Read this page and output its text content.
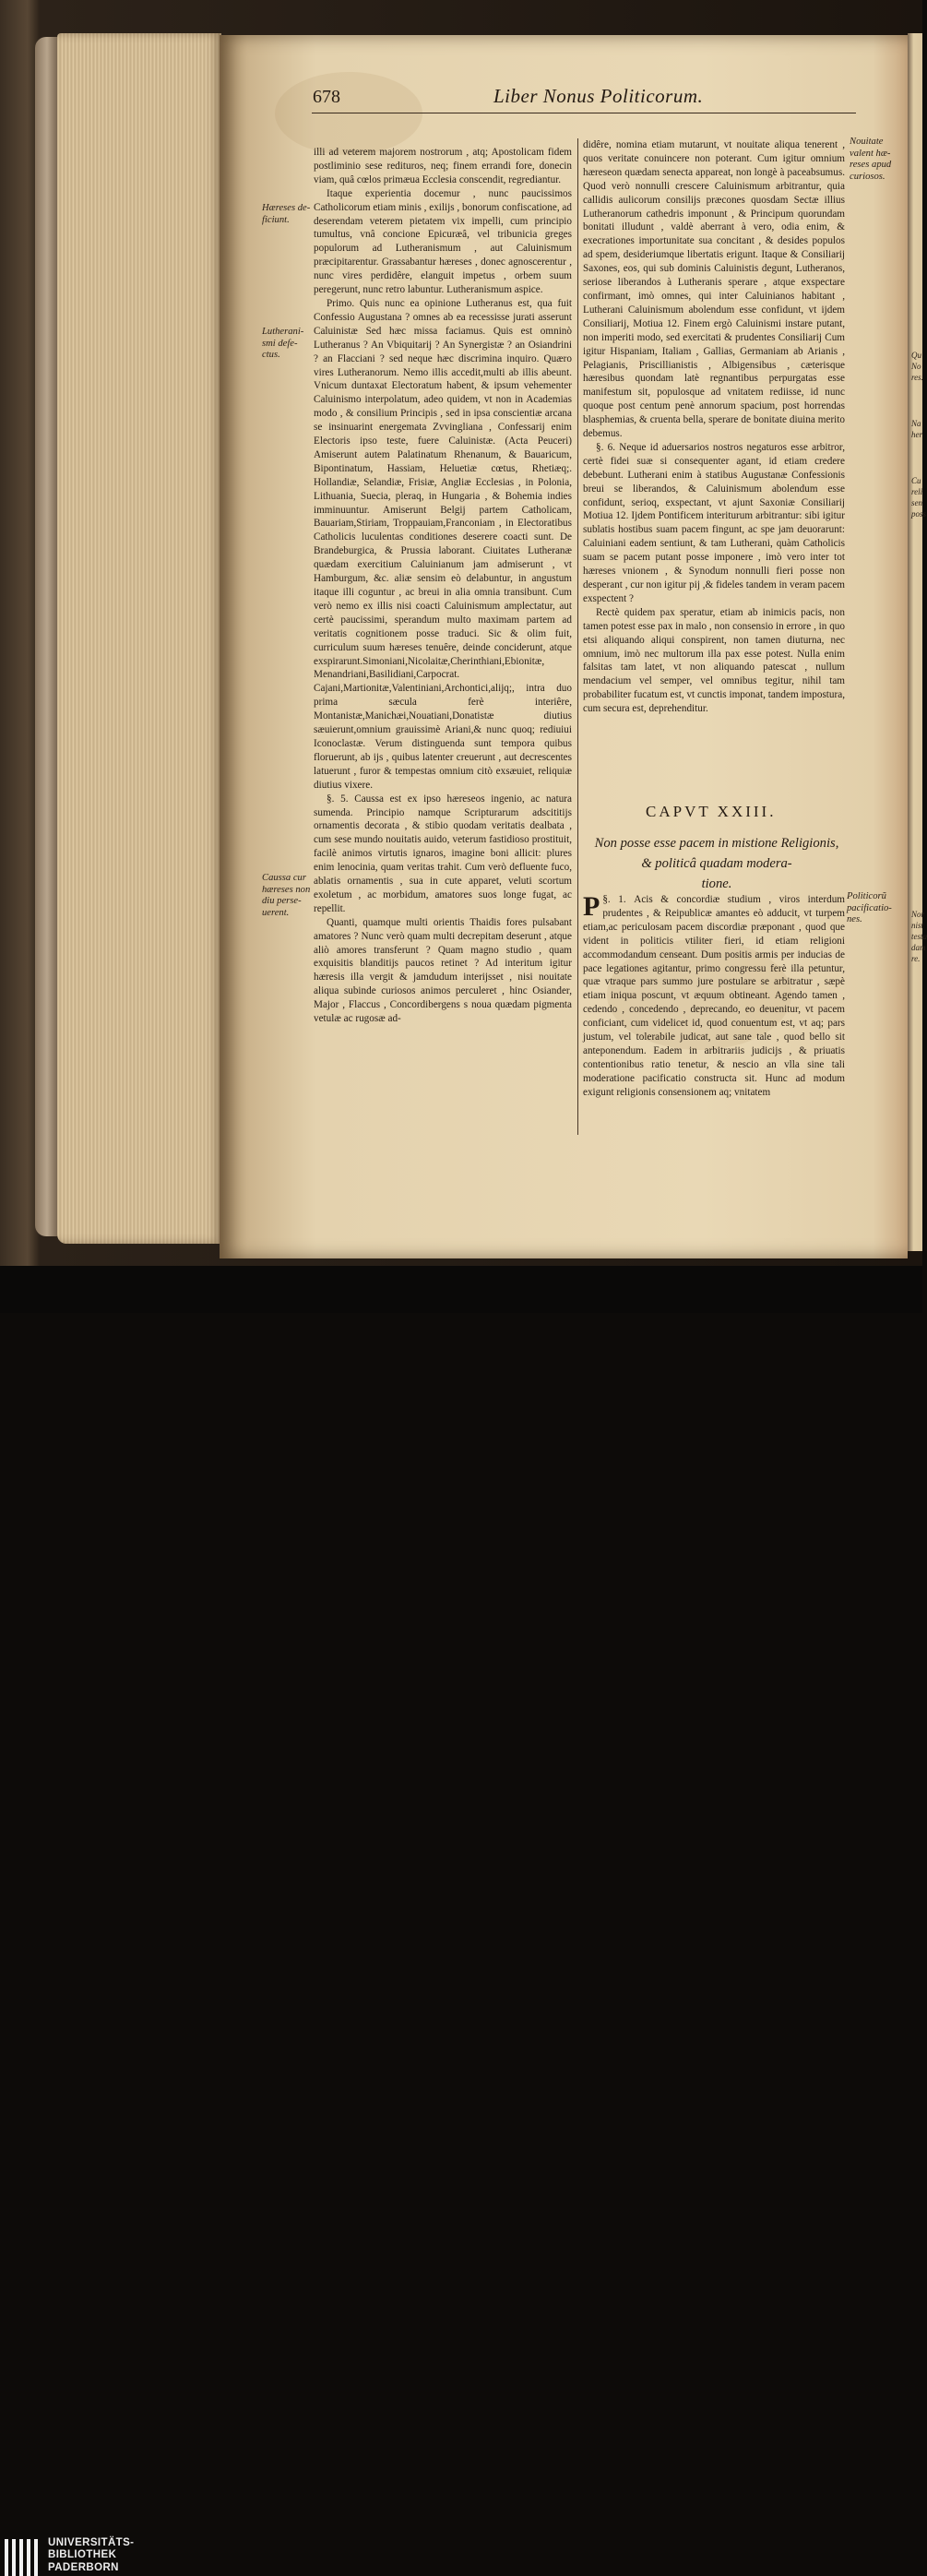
Qu
No
res.
Na
her
Cu
reli
sen
poss
Nor
nist
testa
dam
re.
678	Liber Nonus Politicorum.
Hæreses de-
ficiunt.
Lutherani-
smi defe-
ctus.
Caussa cur
hæreses non
diu perse-
uerent.

illi ad veterem majorem nostrorum , atq; Apostolicam fidem postliminio sese redituros, neq; finem errandi fore, donecin viam, quâ cœlos primæua Ecclesia conscendit, regrediantur.

Itaque experientia docemur , nunc paucissimos Catholicorum etiam minis , exilijs , bonorum confiscatione, ad deserendam veterem pietatem vix impelli, cum principio tumultus, vnâ concione Epicuræâ, vel tribunicia greges populorum ad Lutheranismum , aut Caluinismum præcipitarentur. Grassabantur hæreses , donec agnoscerentur , nunc vires perdidêre, elanguit impetus , orbem suum peregerunt, nunc retro labuntur. Lutheranismum aspice.

Primo. Quis nunc ea opinione Lutheranus est, qua fuit Confessio Augustana ? omnes ab ea recessisse jurati asserunt Caluinistæ Sed hæc missa faciamus. Quis est omninò Lutheranus ? An Vbiquitarij ? An Synergistæ ? an Osiandrini ? an Flacciani ? sed neque hæc discrimina inquiro. Quæro vires Lutheranorum. Nemo illis accedit,multi ab illis abeunt. Vnicum duntaxat Electoratum habent, & ipsum vehementer Caluinismo interpolatum, adeo quidem, vt non in Academias modo , & consilium Principis , sed in ipsa conscientiæ arcana se insinuarint energemata Zvvingliana , Confessarij enim Electoris ipso teste, fuere Caluinistæ. (Acta Peuceri) Amiserunt autem Palatinatum Rhenanum, & Bauaricum, Bipontinatum, Hassiam, Heluetiæ cœtus, Rhetiæq;. Hollandiæ, Selandiæ, Frisiæ, Angliæ Ecclesias , in Polonia, Lithuania, Suecia, pleraq, in Hungaria , & Bohemia indies imminuuntur. Amiserunt Belgij partem Catholicam, Bauariam,Stiriam, Troppauiam,Franconiam , in Electoratibus Catholicis luculentas conditiones deserere coacti sunt. De Brandeburgica, & Prussia laborant. Ciuitates Lutheranæ quædam exercitium Caluinianum jam admiserunt , vt Hamburgum, &c. aliæ sensim eò delabuntur, in angustum itaque illi coguntur , ac breui in alia omnia transibunt. Cum verò nemo ex illis nisi coacti Caluinismum amplectatur, aut certè paucissimi, sperandum multo maximam partem ad veritatis cognitionem posse traduci. Sic & olim fuit, curriculum suum hæreses tenuêre, deinde conciderunt, atque exspirarunt.Simoniani,Nicolaitæ,Cherinthiani,Ebionitæ, Menandriani,Basilidiani,Carpocrat. Cajani,Martionitæ,Valentiniani,Archontici,alijq;, intra duo prima sæcula ferè interiêre, Montanistæ,Manichæi,Nouatiani,Donatistæ diutius sæuierunt,omnium grauissimè Ariani,& nunc quoq; rediuiui Iconoclastæ. Verum distinguenda sunt tempora quibus floruerunt, ab ijs , quibus latenter creuerunt , aut decrescentes latuerunt , furor & tempestas omnium citò exsæuiet, reliquiæ diutius vixere.

§. 5. Caussa est ex ipso hæreseos ingenio, ac natura sumenda. Principio namque Scripturarum adscititijs ornamentis decorata , & stibio quodam veritatis dealbata , cum sese mundo nouitatis auido, veterum fastidioso prostituit, facilè animos virtutis ignaros, imagine boni allicit: plures enim lenocinia, quam veritas trahit. Cum verò defluente fuco, ablatis ornamentis , sua in cute apparet, veluti scortum exoletum , ac morbidum, amatores suos longe fugat, ac repellit.

Quanti, quamque multi orientis Thaidis fores pulsabant amatores ? Nunc verò quam multi decrepitam deserunt , atque aliò amores transferunt ? Quam magno studio , quam exquisitis blanditijs paucos retinet ? Ad interitum igitur hæresis illa vergit & jamdudum interijsset , nisi nouitate aliqua subinde curiosos animos perculeret , hinc Osiander, Major , Flaccus , Concordibergens s noua quædam pigmenta vetulæ ac rugosæ ad-

Nouitate
valent hæ-
reses apud
curiosos.
Politicorũ
pacificatio-
nes.

didêre, nomina etiam mutarunt, vt nouitate aliqua tenerent , quos veritate conuincere non poterant. Cum igitur omnium hæreseon quædam senecta appareat, non longè à paceabsumus. Quod verò nonnulli crescere Caluinismum arbitrantur, quia callidis aulicorum consilijs præcones quosdam Sectæ illius Lutheranorum cathedris imponunt , & Principum quorundam bonitati illudunt , valdè aberrant à vero, odia enim, & execrationes importunitate sua concitant , & desides populos ad spem, desideriumque libertatis erigunt. Itaque & Consiliarij Saxones, eos, qui sub dominis Caluinistis degunt, Lutheranos, seriose liberandos à Lutheranis sperare , atque exspectare confirmant, imò omnes, qui inter Caluinianos habitant , Lutherani Caluinismum abolendum esse confidunt, vt ijdem Consiliarij, Motiua 12. Finem ergò Caluinismi instare putant, non imperiti modo, sed exercitati & prudentes Consiliarij Cum igitur Hispaniam, Italiam , Gallias, Germaniam ab Arianis , Pelagianis, Priscillianistis , Albigensibus , cæterisque hæresibus quondam latè regnantibus perpurgatas esse manifestum sit, populosque ad vnitatem rediisse, id nunc quoque post centum penè annorum spacium, post horrendas blasphemias, & cruenta bella, sperare de bonitate diuina merito debemus.

§. 6. Neque id aduersarios nostros negaturos esse arbitror, certè fidei suæ si consequenter agant, id etiam credere debebunt. Lutherani enim à statibus Augustanæ Confessionis breui se liberandos, & Caluinismum abolendum esse confidunt, serioq, exspectant, vt ajunt Saxoniæ Consiliarij Motiua 12. Ijdem Pontificem interiturum arbitrantur: sibi igitur sublatis hostibus suam pacem fingunt, ac spe jam deuorarunt: Caluiniani eadem sentiunt, & tam Lutherani, quàm Catholicis suam se pacem putant posse imponere , imò vero inter tot hæreses vnionem , & Synodum nonnulli fieri posse non desperant , cur non igitur pij ,& fideles tandem in veram pacem exspectent ?

Rectè quidem pax speratur, etiam ab inimicis pacis, non tamen potest esse pax in malo , non consensio in errore , in quo etsi aliquando aliqui conspirent, non tamen diuturna, nec omnium, imò nec multorum illa pax esse potest. Nulla enim falsitas tam latet, vt non aliquando patescat , nullum mendacium vel semper, vel omnibus tegitur, nihil tam probabiliter fucatum est, vt cunctis imponat, tandem impostura, cum secura est, deprehenditur.

CAPVT XXIII.
Non posse esse pacem in mistione Religionis,
& politicâ quadam modera-
tione.

§. 1.
P	Acis & concordiæ studium , viros interdum prudentes , & Reipublicæ amantes eò adducit, vt turpem etiam,ac periculosam pacem discordiæ præponant , quod que vident in politicis vtiliter fieri, id etiam religioni accommodandum censeant. Dum positis armis per inducias de pace legationes agitantur, primo congressu ferè illa petuntur, quæ vtraque pars summo jure postulare se arbitratur , sæpè etiam iniqua poscunt, vt æquum obtineant. Agendo tamen , cedendo , concedendo , deprecando, eo deuenitur, vt pacem conficiant, cum videlicet id, quod conuentum est, vt aq; pars justum, vel tolerabile judicat, aut sane tale , quod bello sit anteponendum. Eadem in arbitrariis judicijs , & priuatis contentionibus ratio tenetur, & nescio an vlla sine tali moderatione pacificatio constructa sit. Hunc ad modum exigunt religionis consensionem aq; vnitatem

UNIVERSITÄTS-
BIBLIOTHEK
PADERBORN
